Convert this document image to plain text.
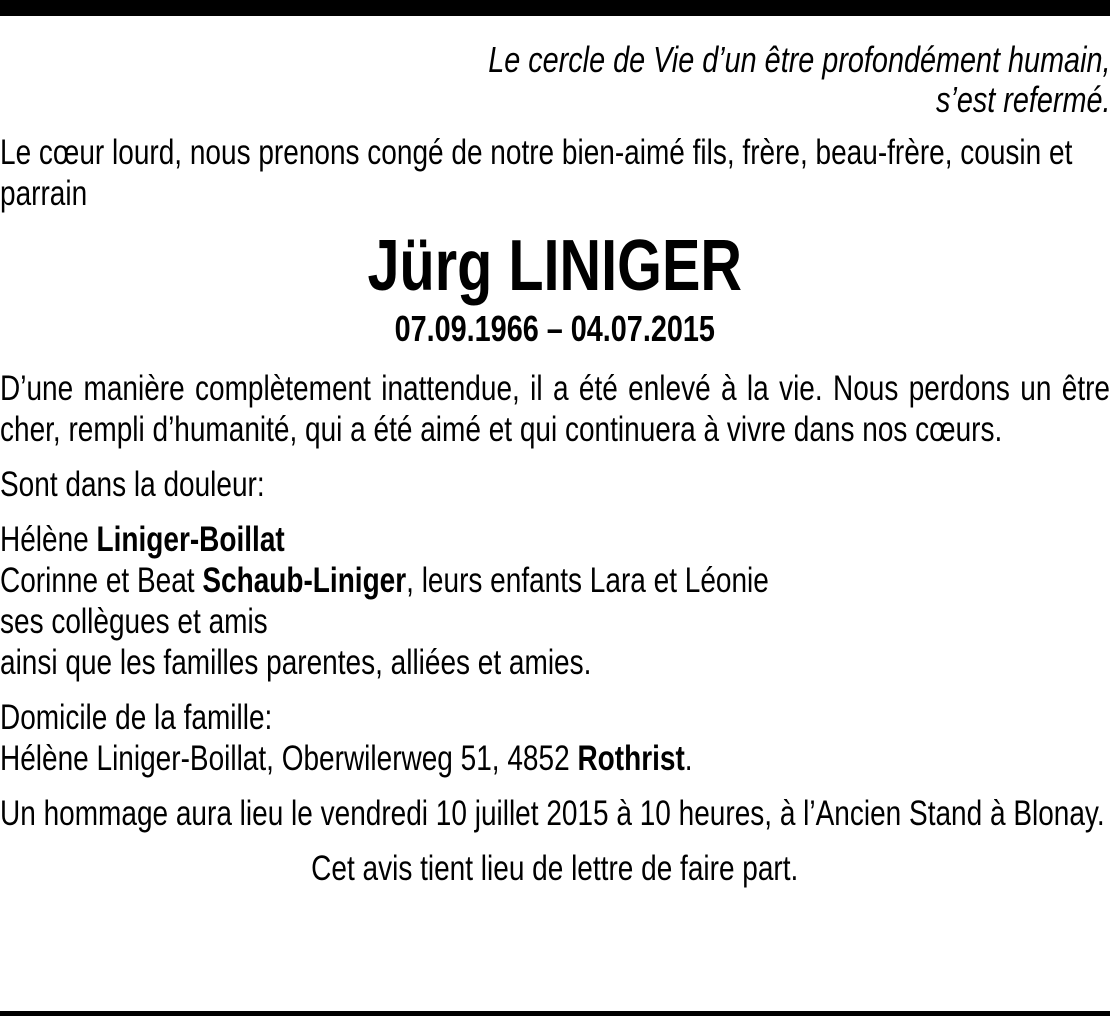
Le cercle de Vie d’un être profondément humain,
s’est refermé.
Le cœur lourd, nous prenons congé de notre bien-aimé fils, frère, beau-frère, cousin et parrain
Jürg LINIGER
07.09.1966 – 04.07.2015
D’une manière complètement inattendue, il a été enlevé à la vie. Nous perdons un être cher, rempli d’humanité, qui a été aimé et qui continuera à vivre dans nos cœurs.
Sont dans la douleur:
Hélène Liniger-Boillat
Corinne et Beat Schaub-Liniger, leurs enfants Lara et Léonie
ses collègues et amis
ainsi que les familles parentes, alliées et amies.
Domicile de la famille:
Hélène Liniger-Boillat, Oberwilerweg 51, 4852 Rothrist.
Un hommage aura lieu le vendredi 10 juillet 2015 à 10 heures, à l’Ancien Stand à Blonay.
Cet avis tient lieu de lettre de faire part.
